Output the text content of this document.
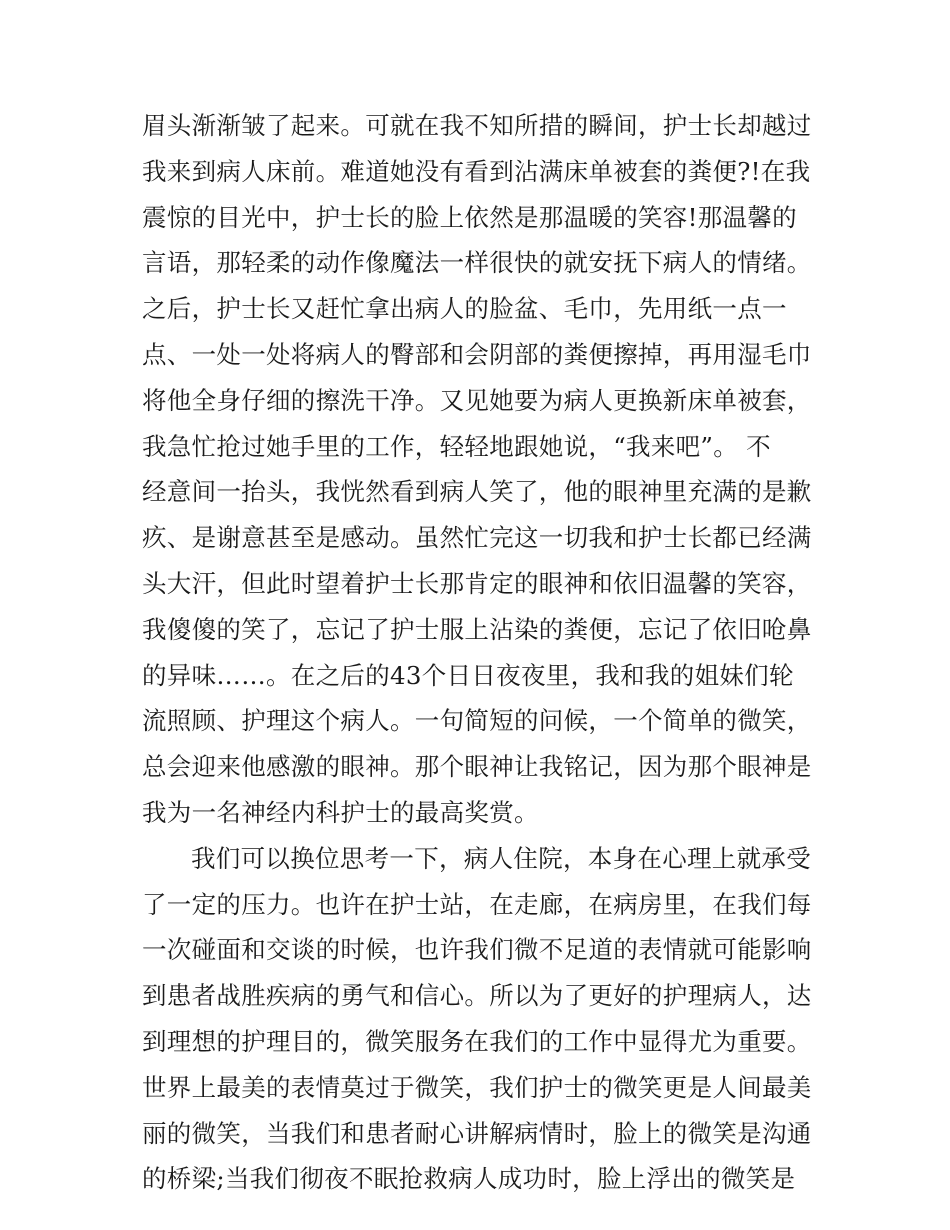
眉头渐渐皱了起来。可就在我不知所措的瞬间，护士长却越过
我来到病人床前。难道她没有看到沾满床单被套的粪便?!在我
震惊的目光中，护士长的脸上依然是那温暖的笑容!那温馨的
言语，那轻柔的动作像魔法一样很快的就安抚下病人的情绪。
之后，护士长又赶忙拿出病人的脸盆、毛巾，先用纸一点一
点、一处一处将病人的臀部和会阴部的粪便擦掉，再用湿毛巾
将他全身仔细的擦洗干净。又见她要为病人更换新床单被套，
我急忙抢过她手里的工作，轻轻地跟她说，“我来吧”。 不
经意间一抬头，我恍然看到病人笑了，他的眼神里充满的是歉
疚、是谢意甚至是感动。虽然忙完这一切我和护士长都已经满
头大汗，但此时望着护士长那肯定的眼神和依旧温馨的笑容，
我傻傻的笑了，忘记了护士服上沾染的粪便，忘记了依旧呛鼻
的异味……。在之后的43个日日夜夜里，我和我的姐妹们轮
流照顾、护理这个病人。一句简短的问候，一个简单的微笑，
总会迎来他感激的眼神。那个眼神让我铭记，因为那个眼神是
我为一名神经内科护士的最高奖赏。
我们可以换位思考一下，病人住院，本身在心理上就承受
了一定的压力。也许在护士站，在走廊，在病房里，在我们每
一次碰面和交谈的时候，也许我们微不足道的表情就可能影响
到患者战胜疾病的勇气和信心。所以为了更好的护理病人，达
到理想的护理目的，微笑服务在我们的工作中显得尤为重要。
世界上最美的表情莫过于微笑，我们护士的微笑更是人间最美
丽的微笑，当我们和患者耐心讲解病情时，脸上的微笑是沟通
的桥梁;当我们彻夜不眠抢救病人成功时，脸上浮出的微笑是
